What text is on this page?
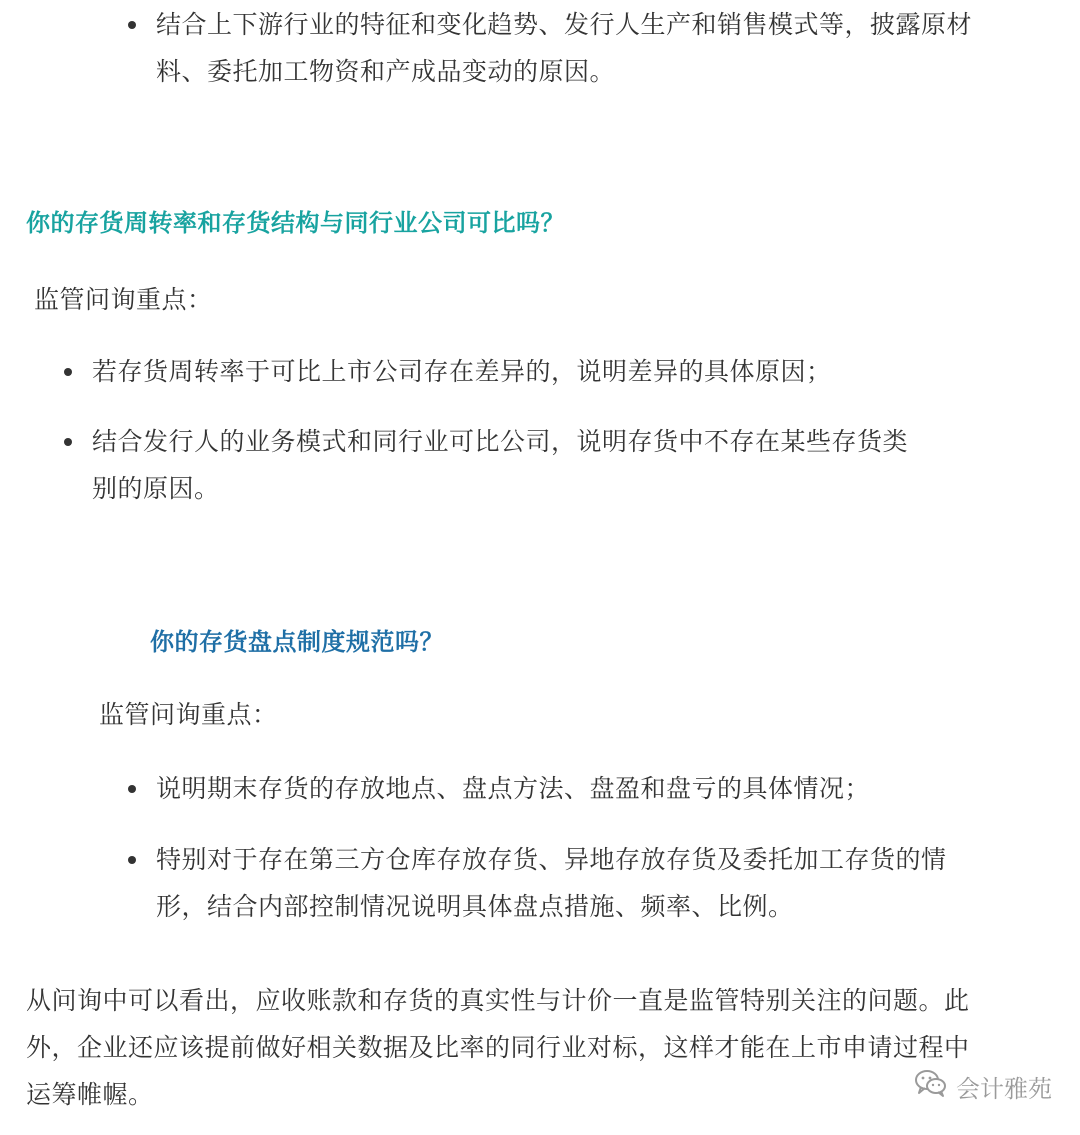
结合上下游行业的特征和变化趋势、发行人生产和销售模式等，披露原材

料、委托加工物资和产成品变动的原因。

你的存货周转率和存货结构与同行业公司可比吗？

监管问询重点：

若存货周转率于可比上市公司存在差异的，说明差异的具体原因；

结合发行人的业务模式和同行业可比公司，说明存货中不存在某些存货类

别的原因。

你的存货盘点制度规范吗？

监管问询重点：

说明期末存货的存放地点、盘点方法、盘盈和盘亏的具体情况；

特别对于存在第三方仓库存放存货、异地存放存货及委托加工存货的情

形，结合内部控制情况说明具体盘点措施、频率、比例。

从问询中可以看出，应收账款和存货的真实性与计价一直是监管特别关注的问题。此

外，企业还应该提前做好相关数据及比率的同行业对标，这样才能在上市申请过程中

运筹帷幄。	会计雅苑
